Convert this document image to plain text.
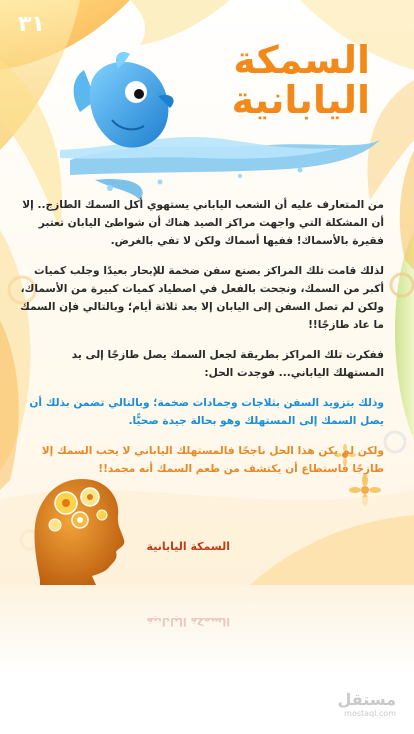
٣١
السمكة
اليابانية

من المتعارف عليه أن الشعب الياباني يستهوي أكل السمك الطازج.. إلا أن المشكلة التي واجهت مراكز الصيد هناك أن شواطئ اليابان تعتبر فقيرة بالأسماك! ففيها أسماك ولكن لا تفي بالغرض.

لذلك قامت تلك المراكز بصنع سفن ضخمة للإبحار بعيدًا وجلب كميات أكبر من السمك، ونجحت بالفعل في اصطياد كميات كبيرة من الأسماك، ولكن لم تصل السفن إلى اليابان إلا بعد ثلاثة أيام؛ وبالتالي فإن السمك ما عاد طازجًا!!

ففكرت تلك المراكز بطريقة لجعل السمك يصل طازجًا إلى يد المستهلك الياباني... فوجدت الحل:

وذلك بتزويد السفن بثلاجات وجمادات ضخمة؛ وبالتالي تضمن بذلك أن يصل السمك إلى المستهلك وهو بحالة جيدة صحيًّا.

ولكن لم يكن هذا الحل ناجحًا فالمستهلك الياباني لا يحب السمك إلا طازجًا فاستطاع أن يكتشف من طعم السمك أنه مجمد!!

السمكة اليابانية
السمكة اليابانية
مستقل
mostaql.com
